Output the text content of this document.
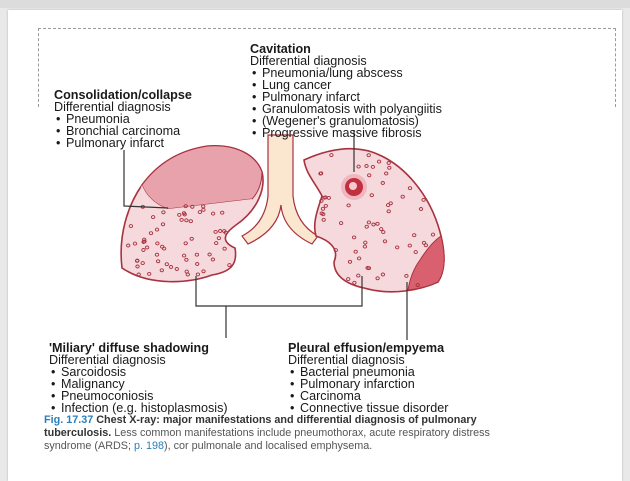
Cavitation
Differential diagnosis
• Pneumonia/lung abscess
• Lung cancer
• Pulmonary infarct
• Granulomatosis with polyangiitis
• (Wegener's granulomatosis)
• Progressive massive fibrosis
Consolidation/collapse
Differential diagnosis
• Pneumonia
• Bronchial carcinoma
• Pulmonary infarct
'Miliary' diffuse shadowing
Differential diagnosis
• Sarcoidosis
• Malignancy
• Pneumoconiosis
• Infection (e.g. histoplasmosis)
Pleural effusion/empyema
Differential diagnosis
• Bacterial pneumonia
• Pulmonary infarction
• Carcinoma
• Connective tissue disorder
Fig. 17.37 Chest X-ray: major manifestations and differential diagnosis of pulmonary tuberculosis. Less common manifestations include pneumothorax, acute respiratory distress syndrome (ARDS; p. 198), cor pulmonale and localised emphysema.
